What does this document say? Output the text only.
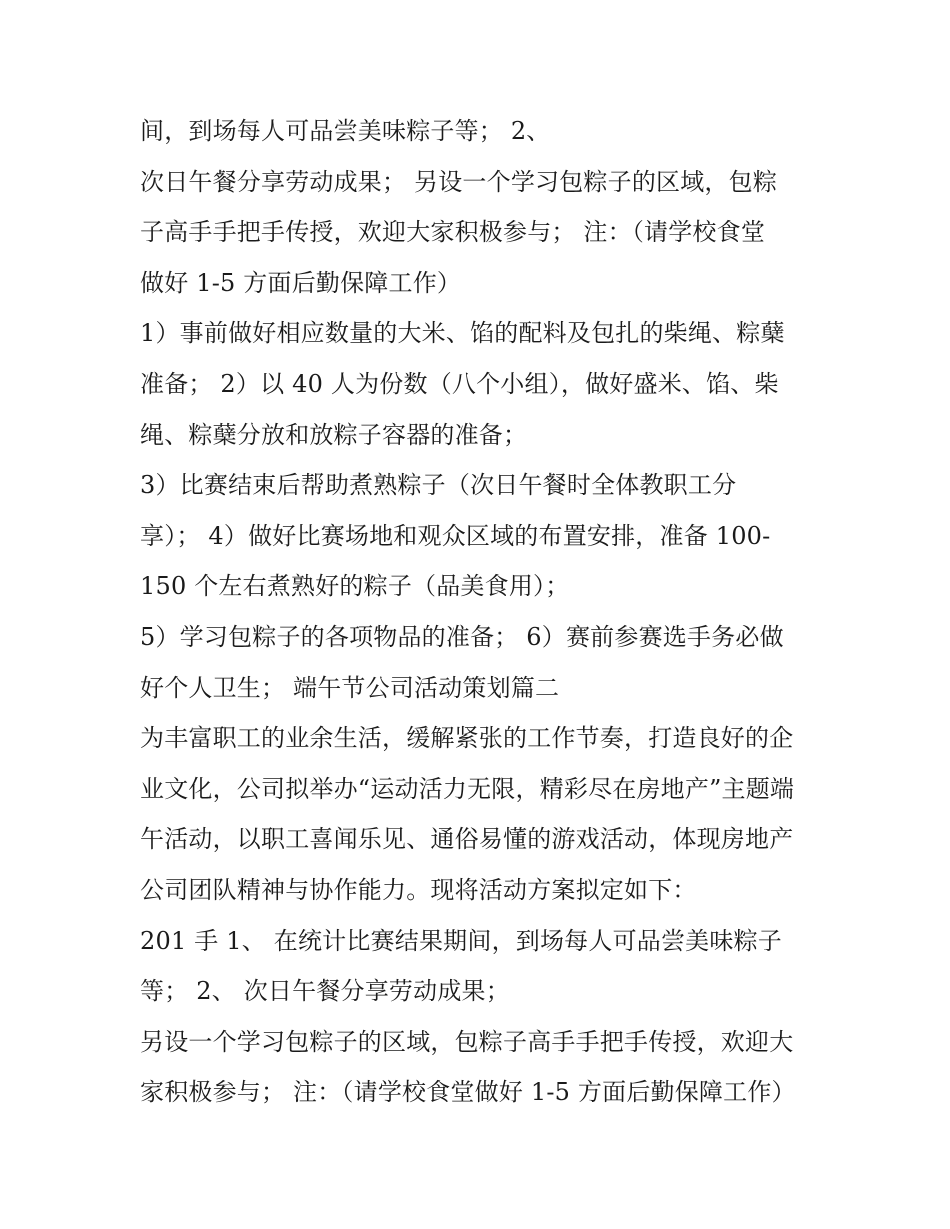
间，到场每人可品尝美味粽子等； 2、
次日午餐分享劳动成果； 另设一个学习包粽子的区域，包粽
子高手手把手传授，欢迎大家积极参与； 注：（请学校食堂
做好 1-5 方面后勤保障工作）
1）事前做好相应数量的大米、馅的配料及包扎的柴绳、粽蘖
准备； 2）以 40 人为份数（八个小组），做好盛米、馅、柴
绳、粽蘖分放和放粽子容器的准备；
3）比赛结束后帮助煮熟粽子（次日午餐时全体教职工分
享）； 4）做好比赛场地和观众区域的布置安排，准备 100-
150 个左右煮熟好的粽子（品美食用）；
5）学习包粽子的各项物品的准备； 6）赛前参赛选手务必做
好个人卫生； 端午节公司活动策划篇二
为丰富职工的业余生活，缓解紧张的工作节奏，打造良好的企
业文化，公司拟举办“运动活力无限，精彩尽在房地产”主题端
午活动，以职工喜闻乐见、通俗易懂的游戏活动，体现房地产
公司团队精神与协作能力。现将活动方案拟定如下：
201 手 1、 在统计比赛结果期间，到场每人可品尝美味粽子
等； 2、 次日午餐分享劳动成果；
另设一个学习包粽子的区域，包粽子高手手把手传授，欢迎大
家积极参与； 注：（请学校食堂做好 1-5 方面后勤保障工作）
